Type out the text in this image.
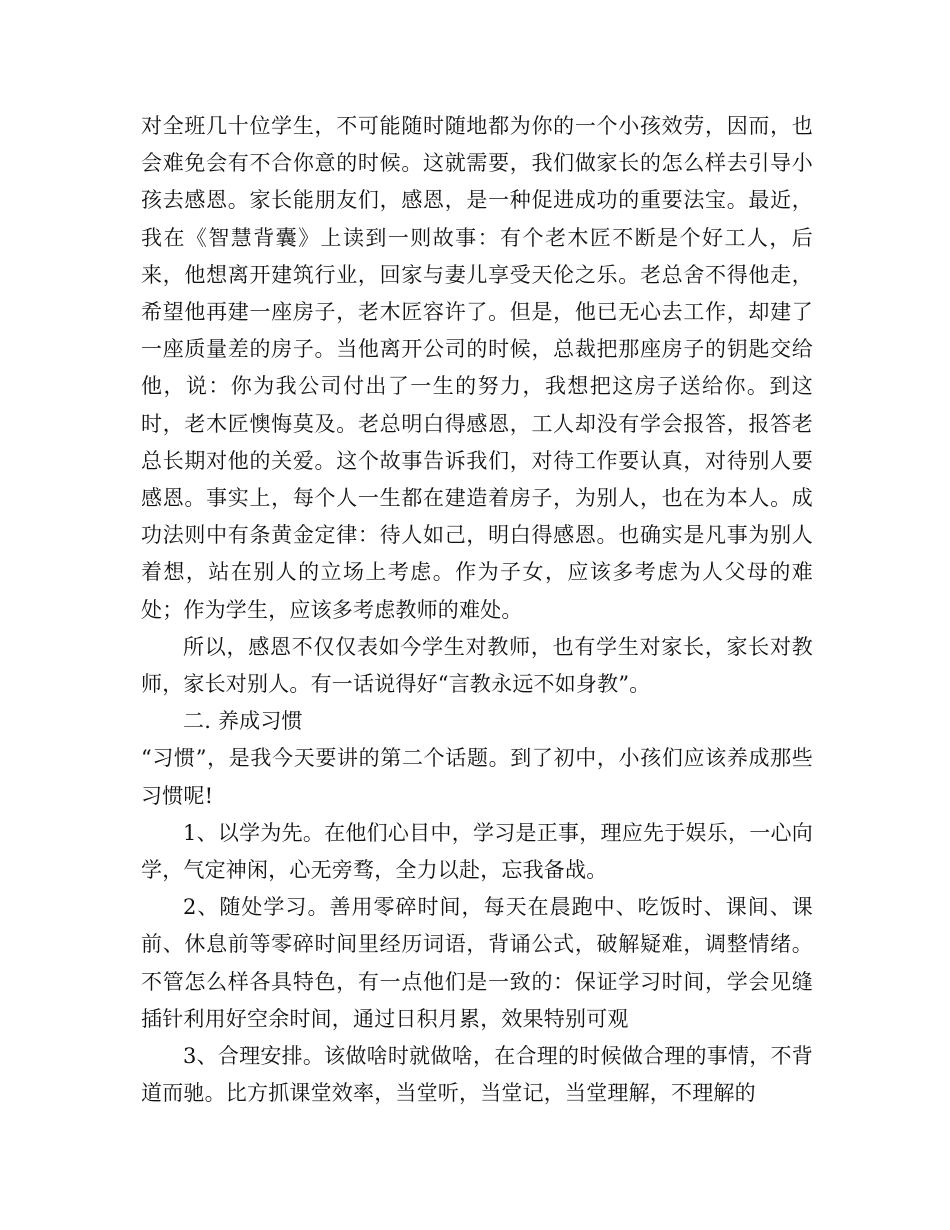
对全班几十位学生，不可能随时随地都为你的一个小孩效劳，因而，也会难免会有不合你意的时候。这就需要，我们做家长的怎么样去引导小孩去感恩。家长能朋友们，感恩，是一种促进成功的重要法宝。最近，我在《智慧背囊》上读到一则故事：有个老木匠不断是个好工人，后来，他想离开建筑行业，回家与妻儿享受天伦之乐。老总舍不得他走，希望他再建一座房子，老木匠容许了。但是，他已无心去工作，却建了一座质量差的房子。当他离开公司的时候，总裁把那座房子的钥匙交给他，说：你为我公司付出了一生的努力，我想把这房子送给你。到这时，老木匠懊悔莫及。老总明白得感恩，工人却没有学会报答，报答老总长期对他的关爱。这个故事告诉我们，对待工作要认真，对待别人要感恩。事实上，每个人一生都在建造着房子，为别人，也在为本人。成功法则中有条黄金定律：待人如己，明白得感恩。也确实是凡事为别人着想，站在别人的立场上考虑。作为子女，应该多考虑为人父母的难处；作为学生，应该多考虑教师的难处。

所以，感恩不仅仅表如今学生对教师，也有学生对家长，家长对教师，家长对别人。有一话说得好“言教永远不如身教”。

二. 养成习惯

“习惯”，是我今天要讲的第二个话题。到了初中，小孩们应该养成那些习惯呢!

1、以学为先。在他们心目中，学习是正事，理应先于娱乐，一心向学，气定神闲，心无旁骛，全力以赴，忘我备战。

2、随处学习。善用零碎时间，每天在晨跑中、吃饭时、课间、课前、休息前等零碎时间里经历词语，背诵公式，破解疑难，调整情绪。不管怎么样各具特色，有一点他们是一致的：保证学习时间，学会见缝插针利用好空余时间，通过日积月累，效果特别可观

3、合理安排。该做啥时就做啥，在合理的时候做合理的事情，不背道而驰。比方抓课堂效率，当堂听，当堂记，当堂理解，不理解的
